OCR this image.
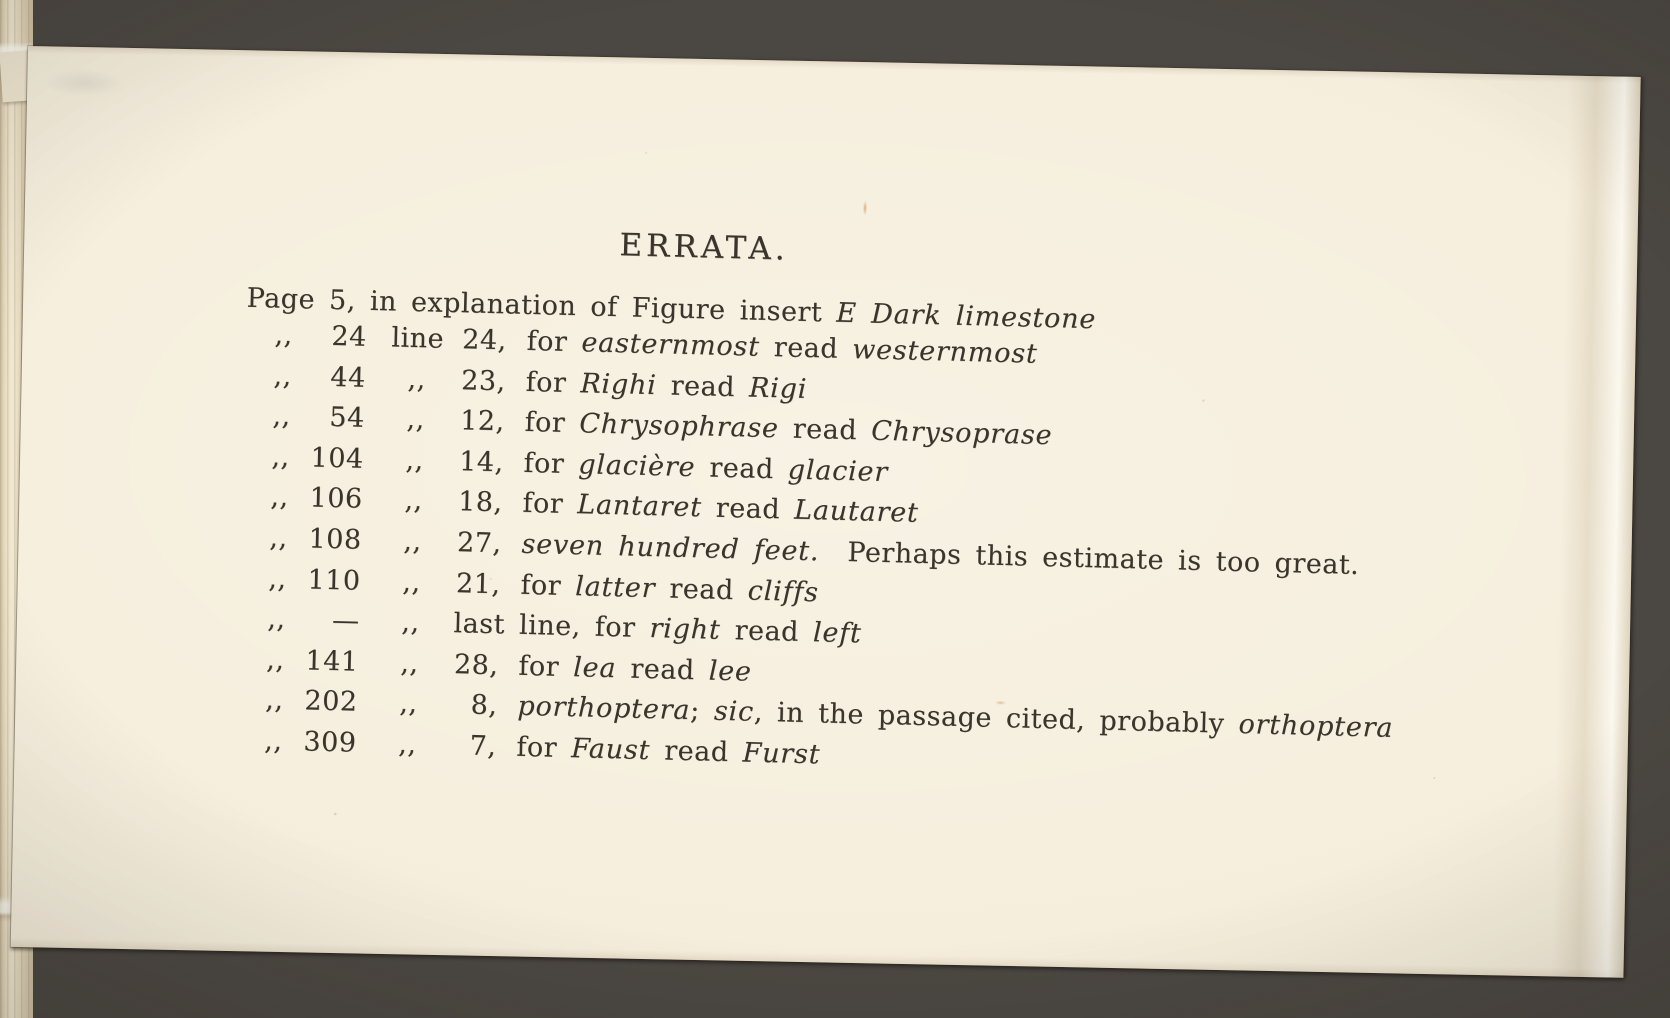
ERRATA.

Page 5, in explanation of Figure insert E Dark limestone

,,	24 line 24, for easternmost read westernmost
,,	44	,,	23, for Righi read Rigi
,,	54	,,	12, for Chrysophrase read Chrysoprase
,, 104	,,	14, for glacière read glacier
,, 106	,,	18, for Lantaret read Lautaret
,, 108	,,	27, seven hundred feet.  Perhaps this estimate is too great.
,, 110	,,	21, for latter read cliffs
,,	—	,,	last line, for right read left
,, 141	,,	28, for lea read lee
,, 202	,,	8, porthoptera; sic, in the passage cited, probably orthoptera
,, 309	,,	7, for Faust read Furst
